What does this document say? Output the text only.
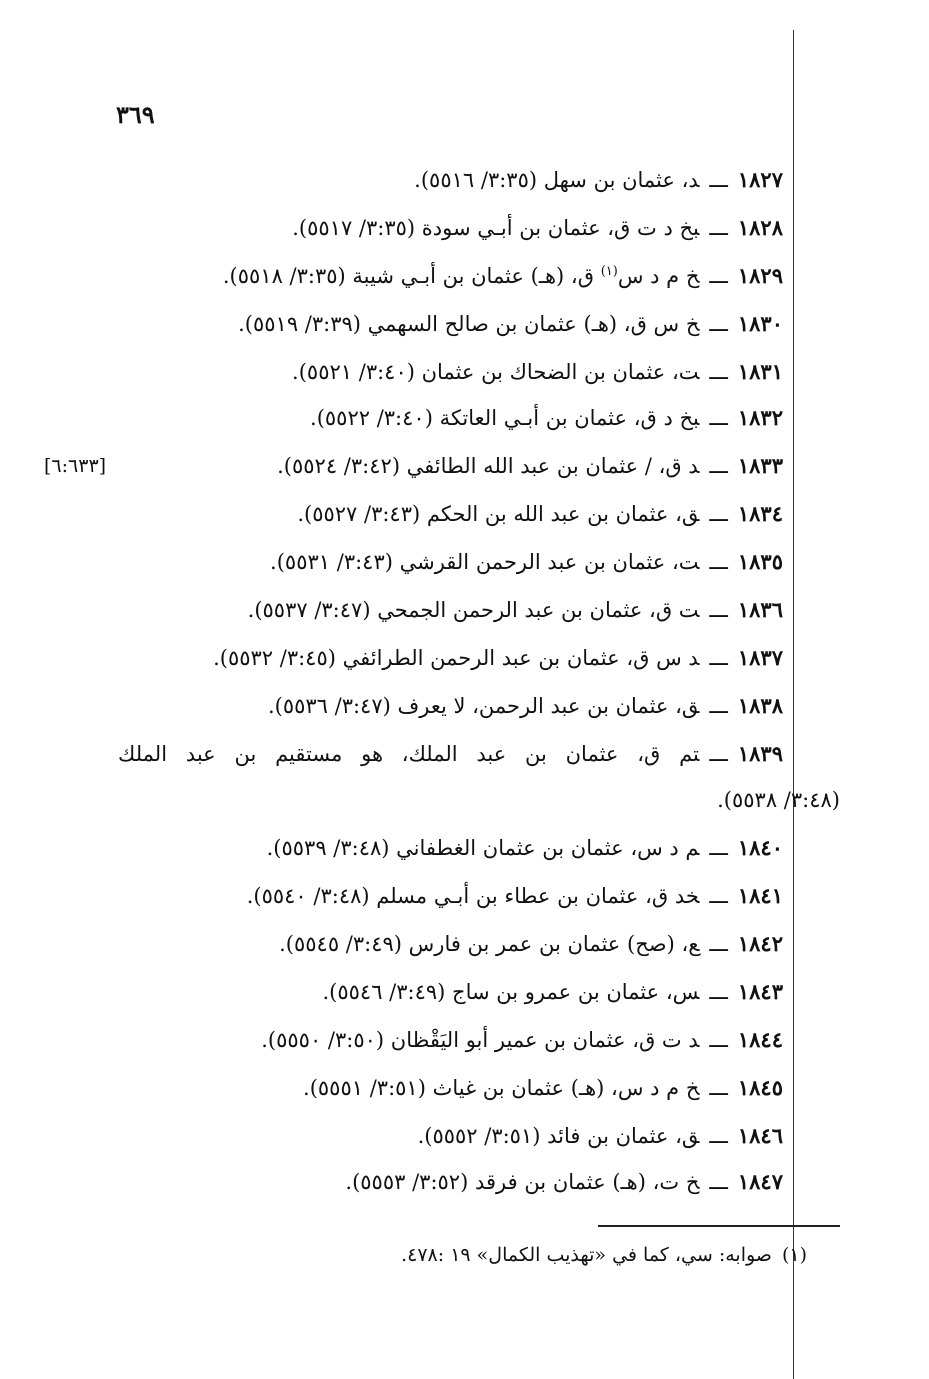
٣٦٩
[٦:٦٣٣]
١٨٢٧ـــد، عثمان بن سهل (٣:٣٥/ ٥٥١٦).
١٨٢٨ـــبخ د ت ق، عثمان بن أبـي سودة (٣:٣٥/ ٥٥١٧).
١٨٢٩ـــخ م د س$^{(١)}$ ق، (هـ) عثمان بن أبـي شيبة (٣:٣٥/ ٥٥١٨).
١٨٣٠ـــخ س ق، (هـ) عثمان بن صالح السهمي (٣:٣٩/ ٥٥١٩).
١٨٣١ـــت، عثمان بن الضحاك بن عثمان (٣:٤٠/ ٥٥٢١).
١٨٣٢ـــبخ د ق، عثمان بن أبـي العاتكة (٣:٤٠/ ٥٥٢٢).
١٨٣٣ـــد ق، / عثمان بن عبد الله الطائفي (٣:٤٢/ ٥٥٢٤).
١٨٣٤ـــق، عثمان بن عبد الله بن الحكم (٣:٤٣/ ٥٥٢٧).
١٨٣٥ـــت، عثمان بن عبد الرحمن القرشي (٣:٤٣/ ٥٥٣١).
١٨٣٦ـــت ق، عثمان بن عبد الرحمن الجمحي (٣:٤٧/ ٥٥٣٧).
١٨٣٧ـــد س ق، عثمان بن عبد الرحمن الطرائفي (٣:٤٥/ ٥٥٣٢).
١٨٣٨ـــق، عثمان بن عبد الرحمن، لا يعرف (٣:٤٧/ ٥٥٣٦).
١٨٣٩ـــتم ق، عثمان بن عبد الملك، هو مستقيم بن عبد الملك
(٣:٤٨/ ٥٥٣٨).
١٨٤٠ـــم د س، عثمان بن عثمان الغطفاني (٣:٤٨/ ٥٥٣٩).
١٨٤١ـــخد ق، عثمان بن عطاء بن أبـي مسلم (٣:٤٨/ ٥٥٤٠).
١٨٤٢ـــع، (صح) عثمان بن عمر بن فارس (٣:٤٩/ ٥٥٤٥).
١٨٤٣ـــس، عثمان بن عمرو بن ساج (٣:٤٩/ ٥٥٤٦).
١٨٤٤ـــد ت ق، عثمان بن عمير أبو اليَقْظان (٣:٥٠/ ٥٥٥٠).
١٨٤٥ـــخ م د س، (هـ) عثمان بن غياث (٣:٥١/ ٥٥٥١).
١٨٤٦ـــق، عثمان بن فائد (٣:٥١/ ٥٥٥٢).
١٨٤٧ـــخ ت، (هـ) عثمان بن فرقد (٣:٥٢/ ٥٥٥٣).
(١)صوابه: سي، كما في «تهذيب الكمال» ١٩ :٤٧٨.
